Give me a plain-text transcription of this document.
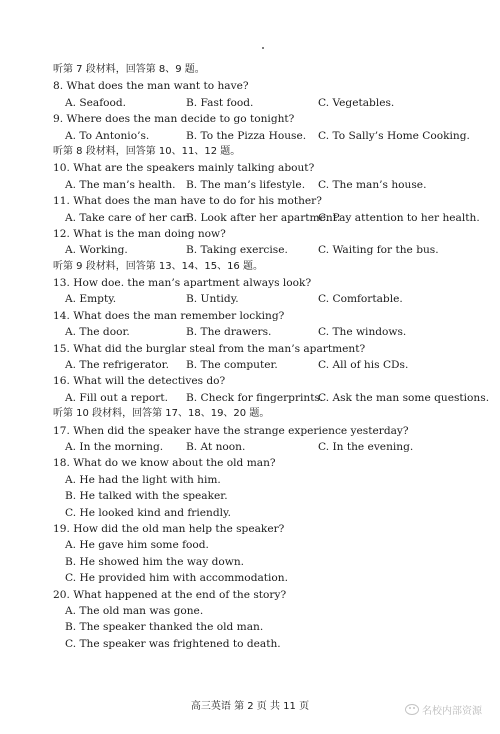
听第 7 段材料，回答第 8、9 题。
8. What does the man want to have?
A. Seafood.	B. Fast food.	C. Vegetables.
9. Where does the man decide to go tonight?
A. To Antonio’s.	B. To the Pizza House.	C. To Sally’s Home Cooking.
听第 8 段材料，回答第 10、11、12 题。
10. What are the speakers mainly talking about?
A. The man’s health. B. The man’s lifestyle.	C. The man’s house.
11. What does the man have to do for his mother?
A. Take care of her car.
B. Look after her apartment.
C. Pay attention to her health.
12. What is the man doing now?
A. Working.	B. Taking exercise.	C. Waiting for the bus.
听第 9 段材料，回答第 13、14、15、16 题。
13. How doe. the man’s apartment always look?
A. Empty.	B. Untidy.	C. Comfortable.
14. What does the man remember locking?
A. The door.	B. The drawers.	C. The windows.
15. What did the burglar steal from the man’s apartment?
A. The refrigerator.	B. The computer.	C. All of his CDs.
16. What will the detectives do?
A. Fill out a report.	B. Check for fingerprints.
C. Ask the man some questions.
听第 10 段材料，回答第 17、18、19、20 题。
17. When did the speaker have the strange experience yesterday?
A. In the morning.	B. At noon.	C. In the evening.
18. What do we know about the old man?
A. He had the light with him.
B. He talked with the speaker.
C. He looked kind and friendly.
19. How did the old man help the speaker?
A. He gave him some food.
B. He showed him the way down.
C. He provided him with accommodation.
20. What happened at the end of the story?
A. The old man was gone.
B. The speaker thanked the old man.
C. The speaker was frightened to death.
高三英语 第 2 页 共 11 页	名校内部资源
